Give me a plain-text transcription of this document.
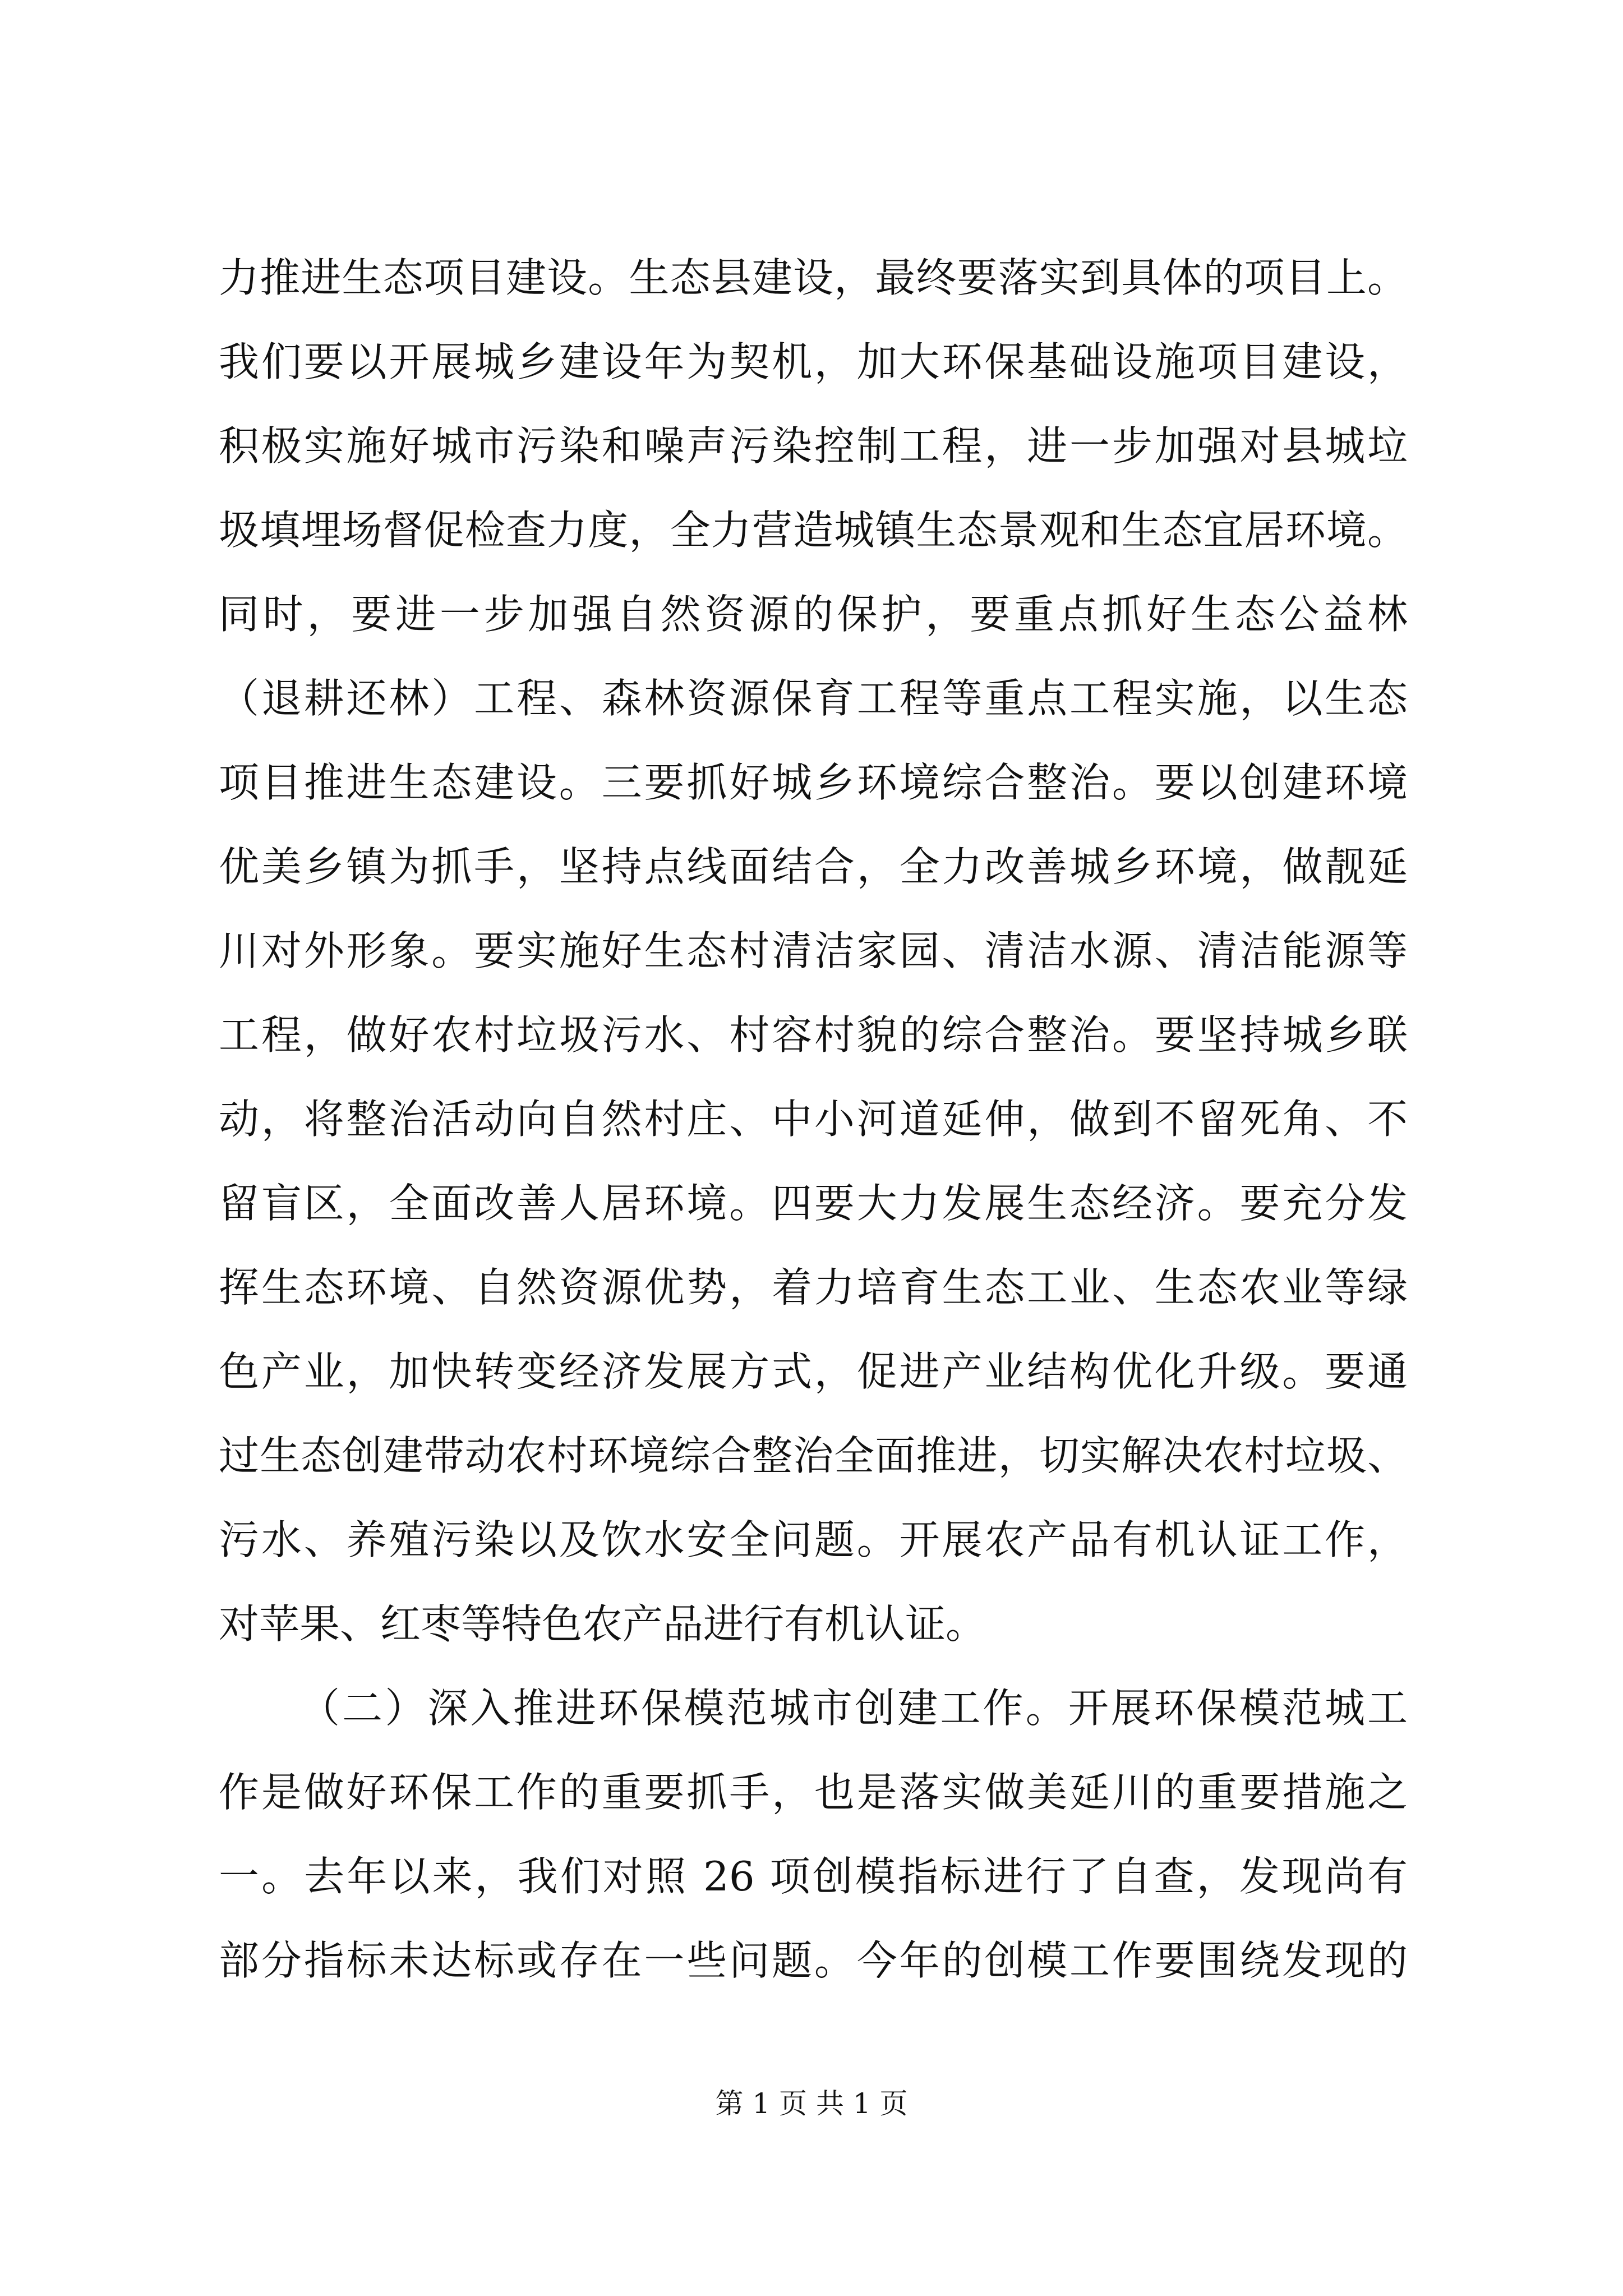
力推进生态项目建设。生态县建设，最终要落实到具体的项目上。
我们要以开展城乡建设年为契机，加大环保基础设施项目建设，
积极实施好城市污染和噪声污染控制工程，进一步加强对县城垃
圾填埋场督促检查力度，全力营造城镇生态景观和生态宜居环境。
同时，要进一步加强自然资源的保护，要重点抓好生态公益林
（退耕还林）工程、森林资源保育工程等重点工程实施，以生态
项目推进生态建设。三要抓好城乡环境综合整治。要以创建环境
优美乡镇为抓手，坚持点线面结合，全力改善城乡环境，做靓延
川对外形象。要实施好生态村清洁家园、清洁水源、清洁能源等
工程，做好农村垃圾污水、村容村貌的综合整治。要坚持城乡联
动，将整治活动向自然村庄、中小河道延伸，做到不留死角、不
留盲区，全面改善人居环境。四要大力发展生态经济。要充分发
挥生态环境、自然资源优势，着力培育生态工业、生态农业等绿
色产业，加快转变经济发展方式，促进产业结构优化升级。要通
过生态创建带动农村环境综合整治全面推进，切实解决农村垃圾、
污水、养殖污染以及饮水安全问题。开展农产品有机认证工作，
对苹果、红枣等特色农产品进行有机认证。
（二）深入推进环保模范城市创建工作。开展环保模范城工
作是做好环保工作的重要抓手，也是落实做美延川的重要措施之
一。去年以来，我们对照 26 项创模指标进行了自查，发现尚有
部分指标未达标或存在一些问题。今年的创模工作要围绕发现的
第 1 页 共 1 页
